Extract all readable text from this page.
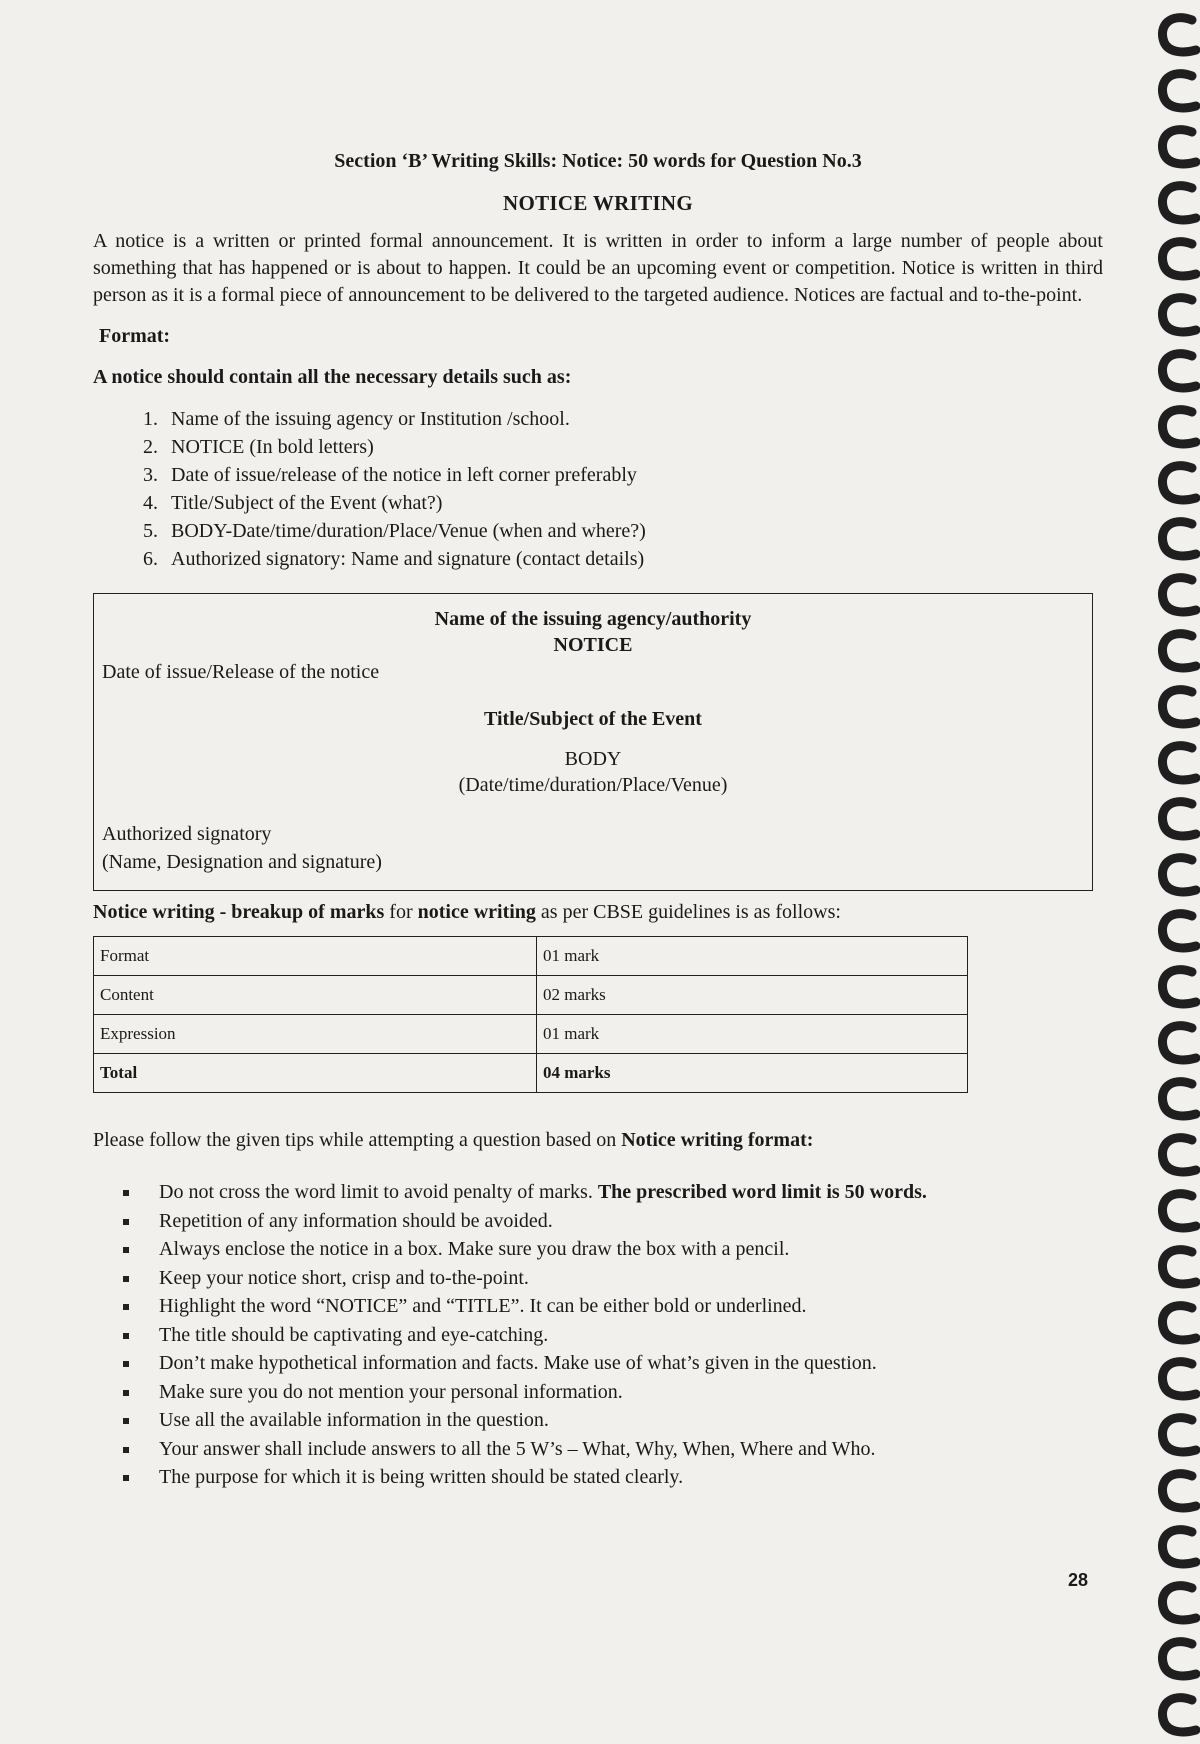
Section ‘B’ Writing Skills: Notice: 50 words for Question No.3
NOTICE WRITING

A notice is a written or printed formal announcement. It is written in order to inform a large number of people about something that has happened or is about to happen. It could be an upcoming event or competition. Notice is written in third person as it is a formal piece of announcement to be delivered to the targeted audience. Notices are factual and to-the-point.

Format:
A notice should contain all the necessary details such as:
1. Name of the issuing agency or Institution /school.
2. NOTICE (In bold letters)
3. Date of issue/release of the notice in left corner preferably
4. Title/Subject of the Event (what?)
5. BODY-Date/time/duration/Place/Venue (when and where?)
6. Authorized signatory: Name and signature (contact details)
Name of the issuing agency/authority
NOTICE
Date of issue/Release of the notice
Title/Subject of the Event
BODY
(Date/time/duration/Place/Venue)
Authorized signatory
(Name, Designation and signature)
Notice writing - breakup of marks for notice writing as per CBSE guidelines is as follows:
Format	01 mark
Content	02 marks
Expression	01 mark
Total	04 marks
Please follow the given tips while attempting a question based on Notice writing format:
Do not cross the word limit to avoid penalty of marks. The prescribed word limit is 50 words.
Repetition of any information should be avoided.
Always enclose the notice in a box. Make sure you draw the box with a pencil.
Keep your notice short, crisp and to-the-point.
Highlight the word “NOTICE” and “TITLE”. It can be either bold or underlined.
The title should be captivating and eye-catching.
Don’t make hypothetical information and facts. Make use of what’s given in the question.
Make sure you do not mention your personal information.
Use all the available information in the question.
Your answer shall include answers to all the 5 W’s – What, Why, When, Where and Who.
The purpose for which it is being written should be stated clearly.
28
